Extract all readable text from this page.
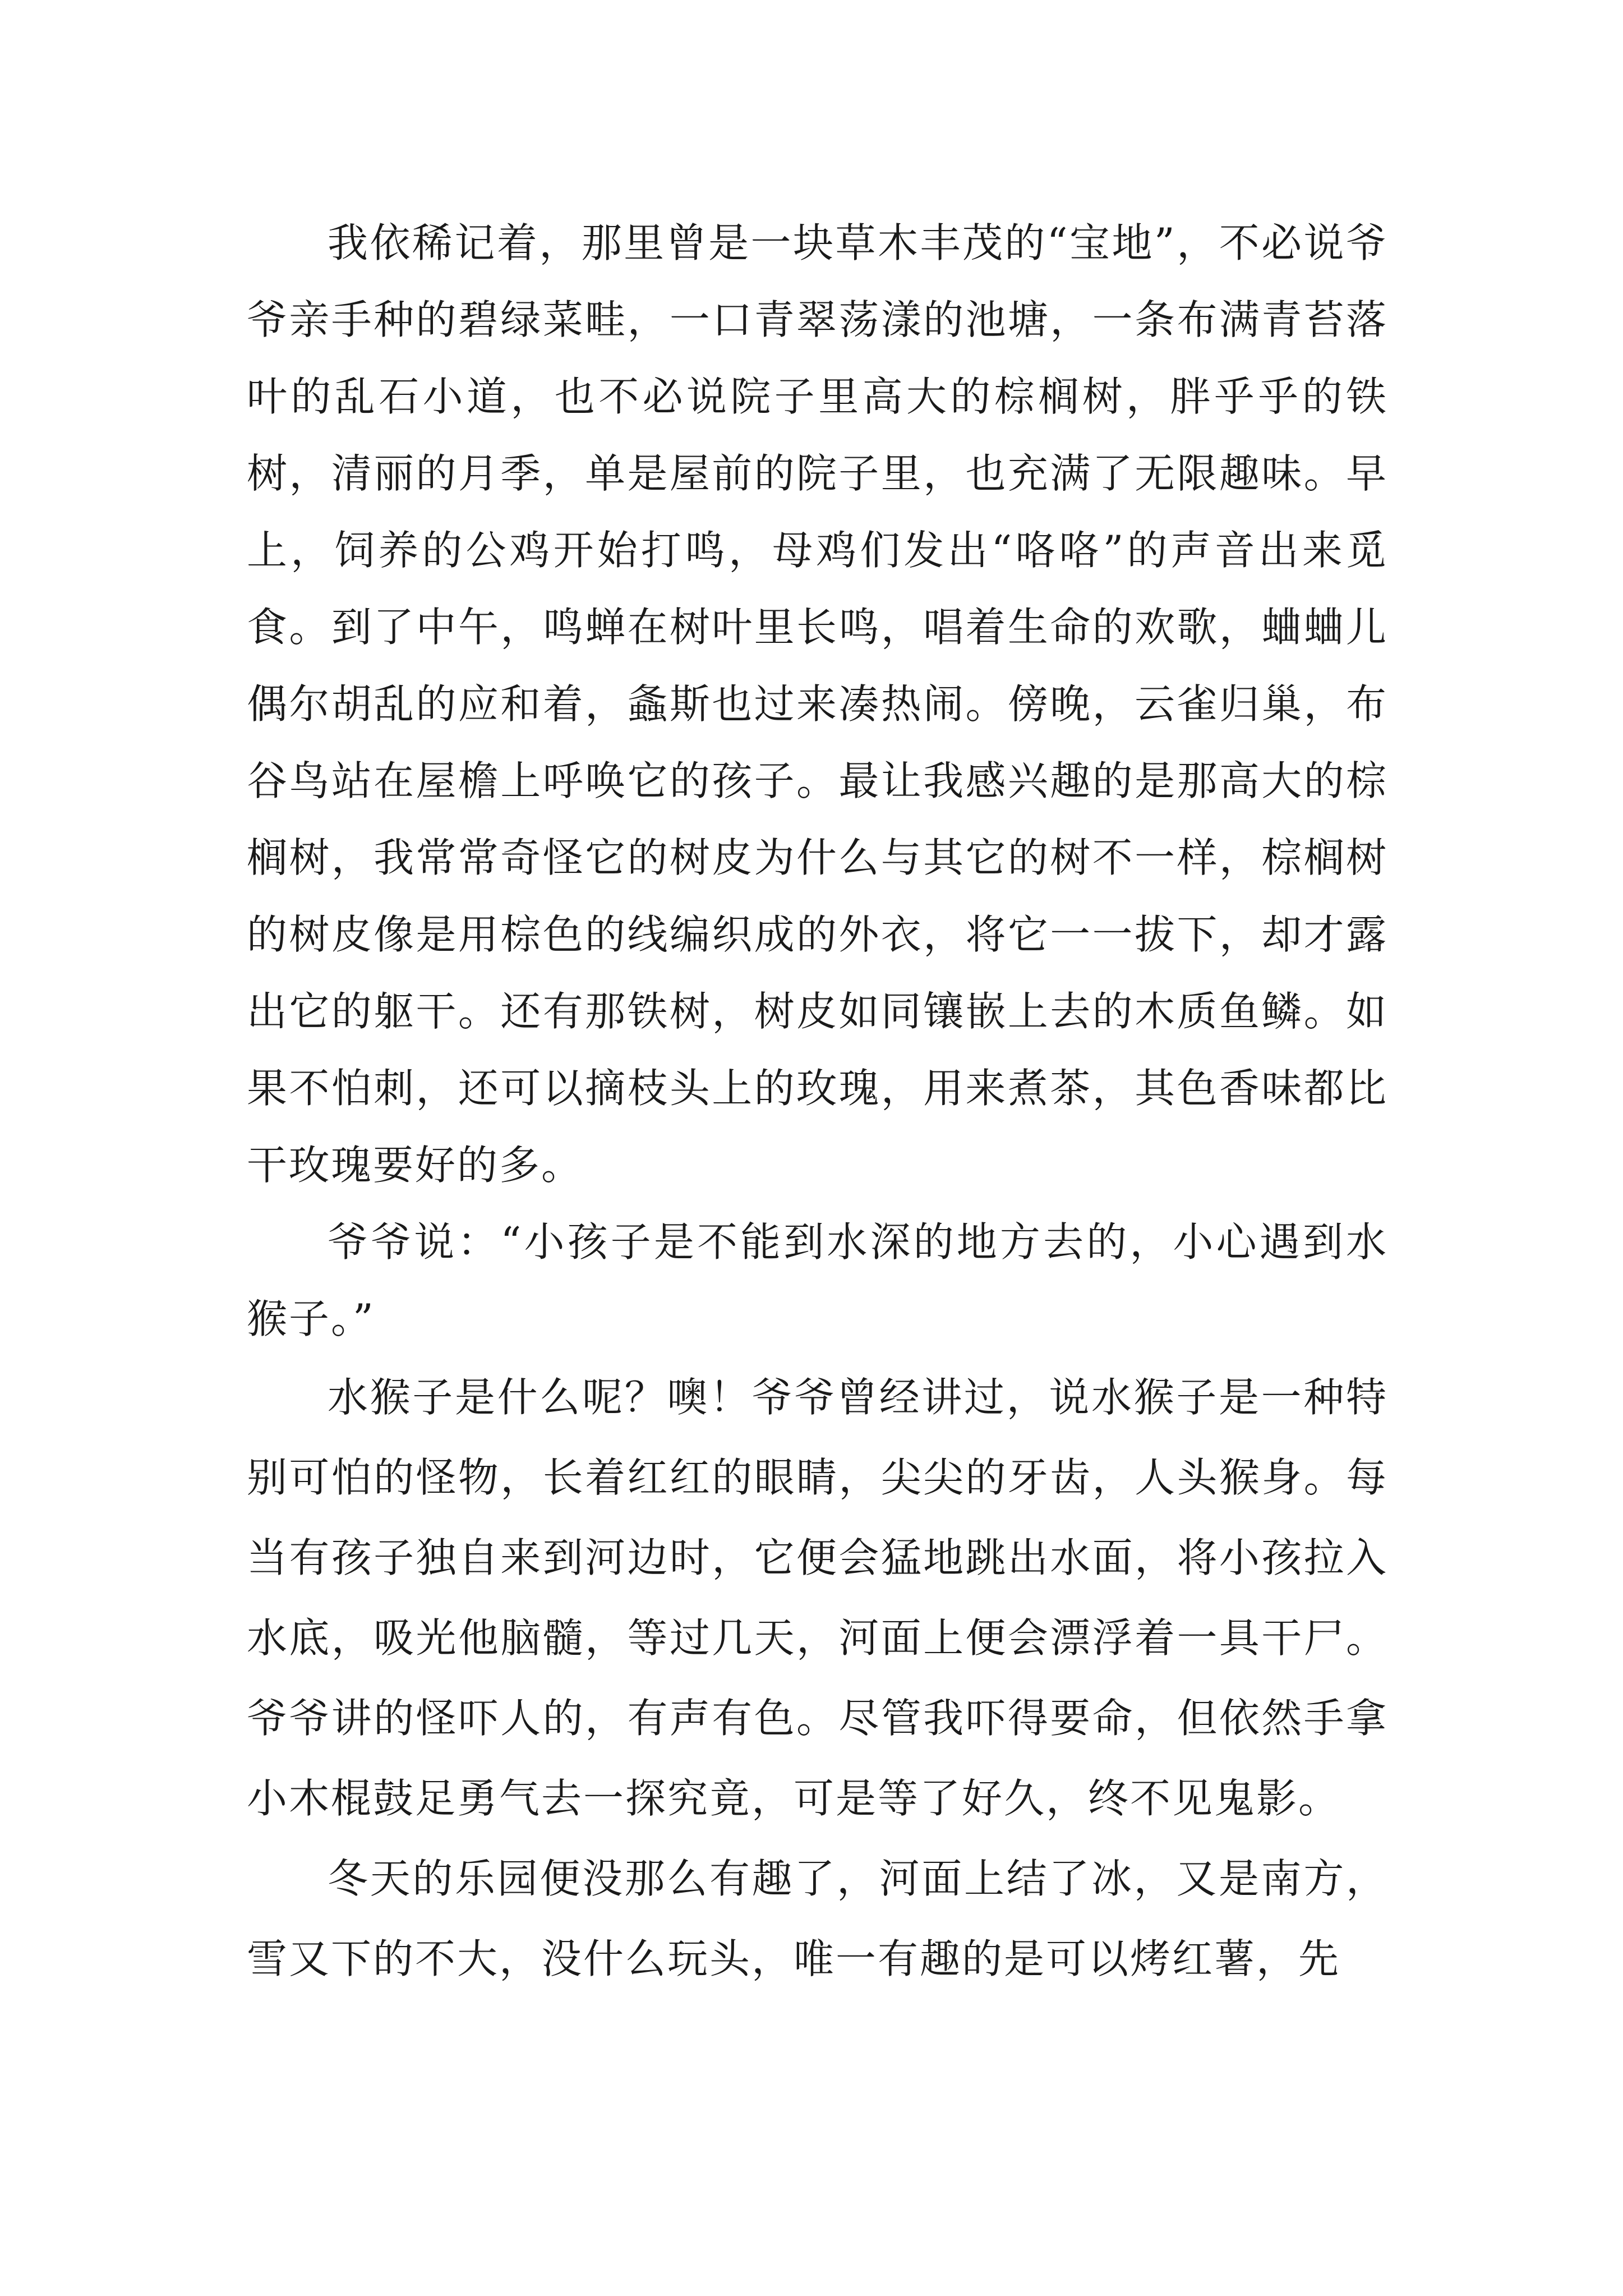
我依稀记着，那里曾是一块草木丰茂的“宝地”，不必说爷爷亲手种的碧绿菜畦，一口青翠荡漾的池塘，一条布满青苔落叶的乱石小道，也不必说院子里高大的棕榈树，胖乎乎的铁树，清丽的月季，单是屋前的院子里，也充满了无限趣味。早上，饲养的公鸡开始打鸣，母鸡们发出“咯咯”的声音出来觅食。到了中午，鸣蝉在树叶里长鸣，唱着生命的欢歌，蛐蛐儿偶尔胡乱的应和着，螽斯也过来凑热闹。傍晚，云雀归巢，布谷鸟站在屋檐上呼唤它的孩子。最让我感兴趣的是那高大的棕榈树，我常常奇怪它的树皮为什么与其它的树不一样，棕榈树的树皮像是用棕色的线编织成的外衣，将它一一拔下，却才露出它的躯干。还有那铁树，树皮如同镶嵌上去的木质鱼鳞。如果不怕刺，还可以摘枝头上的玫瑰，用来煮茶，其色香味都比干玫瑰要好的多。

爷爷说：“小孩子是不能到水深的地方去的，小心遇到水猴子。”

水猴子是什么呢？噢！爷爷曾经讲过，说水猴子是一种特别可怕的怪物，长着红红的眼睛，尖尖的牙齿，人头猴身。每当有孩子独自来到河边时，它便会猛地跳出水面，将小孩拉入水底，吸光他脑髓，等过几天，河面上便会漂浮着一具干尸。爷爷讲的怪吓人的，有声有色。尽管我吓得要命，但依然手拿小木棍鼓足勇气去一探究竟，可是等了好久，终不见鬼影。

冬天的乐园便没那么有趣了，河面上结了冰，又是南方，雪又下的不大，没什么玩头，唯一有趣的是可以烤红薯，先
